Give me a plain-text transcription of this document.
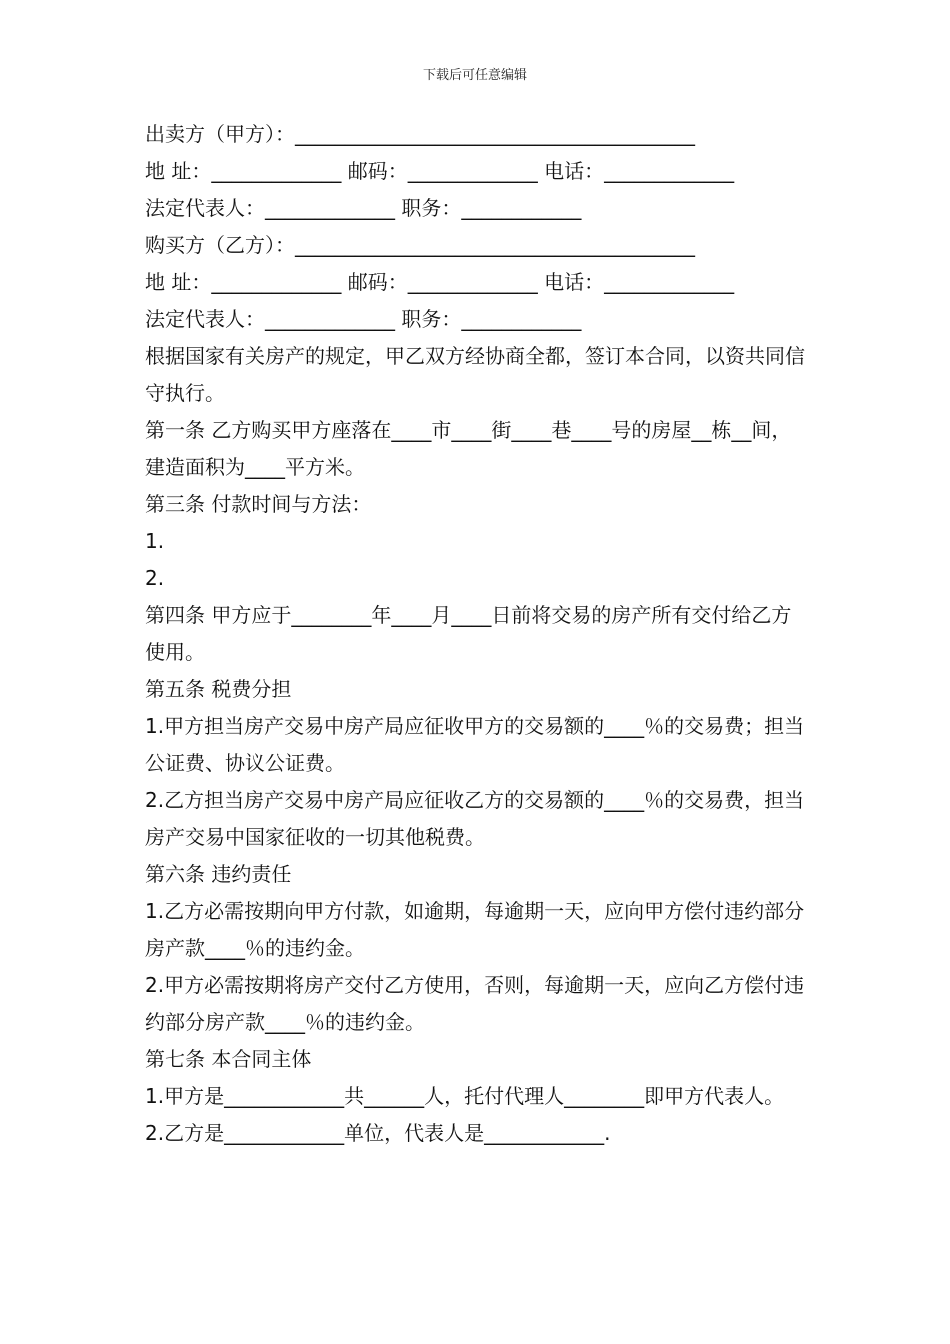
下载后可任意编辑
出卖方（甲方）：________________________________________
地 址：_____________ 邮码：_____________ 电话：_____________
法定代表人：_____________ 职务：____________
购买方（乙方）：________________________________________
地 址：_____________ 邮码：_____________ 电话：_____________
法定代表人：_____________ 职务：____________
根据国家有关房产的规定，甲乙双方经协商全都，签订本合同，以资共同信守执行。
第一条 乙方购买甲方座落在____市____街____巷____号的房屋__栋__间，建造面积为____平方米。
第三条 付款时间与方法：
1.
2.
第四条 甲方应于________年____月____日前将交易的房产所有交付给乙方使用。
第五条 税费分担
1.甲方担当房产交易中房产局应征收甲方的交易额的____％的交易费；担当公证费、协议公证费。
2.乙方担当房产交易中房产局应征收乙方的交易额的____％的交易费，担当房产交易中国家征收的一切其他税费。
第六条 违约责任
1.乙方必需按期向甲方付款，如逾期，每逾期一天，应向甲方偿付违约部分房产款____％的违约金。
2.甲方必需按期将房产交付乙方使用，否则，每逾期一天，应向乙方偿付违约部分房产款____％的违约金。
第七条 本合同主体
1.甲方是____________共______人，托付代理人________即甲方代表人。
2.乙方是____________单位，代表人是____________.
